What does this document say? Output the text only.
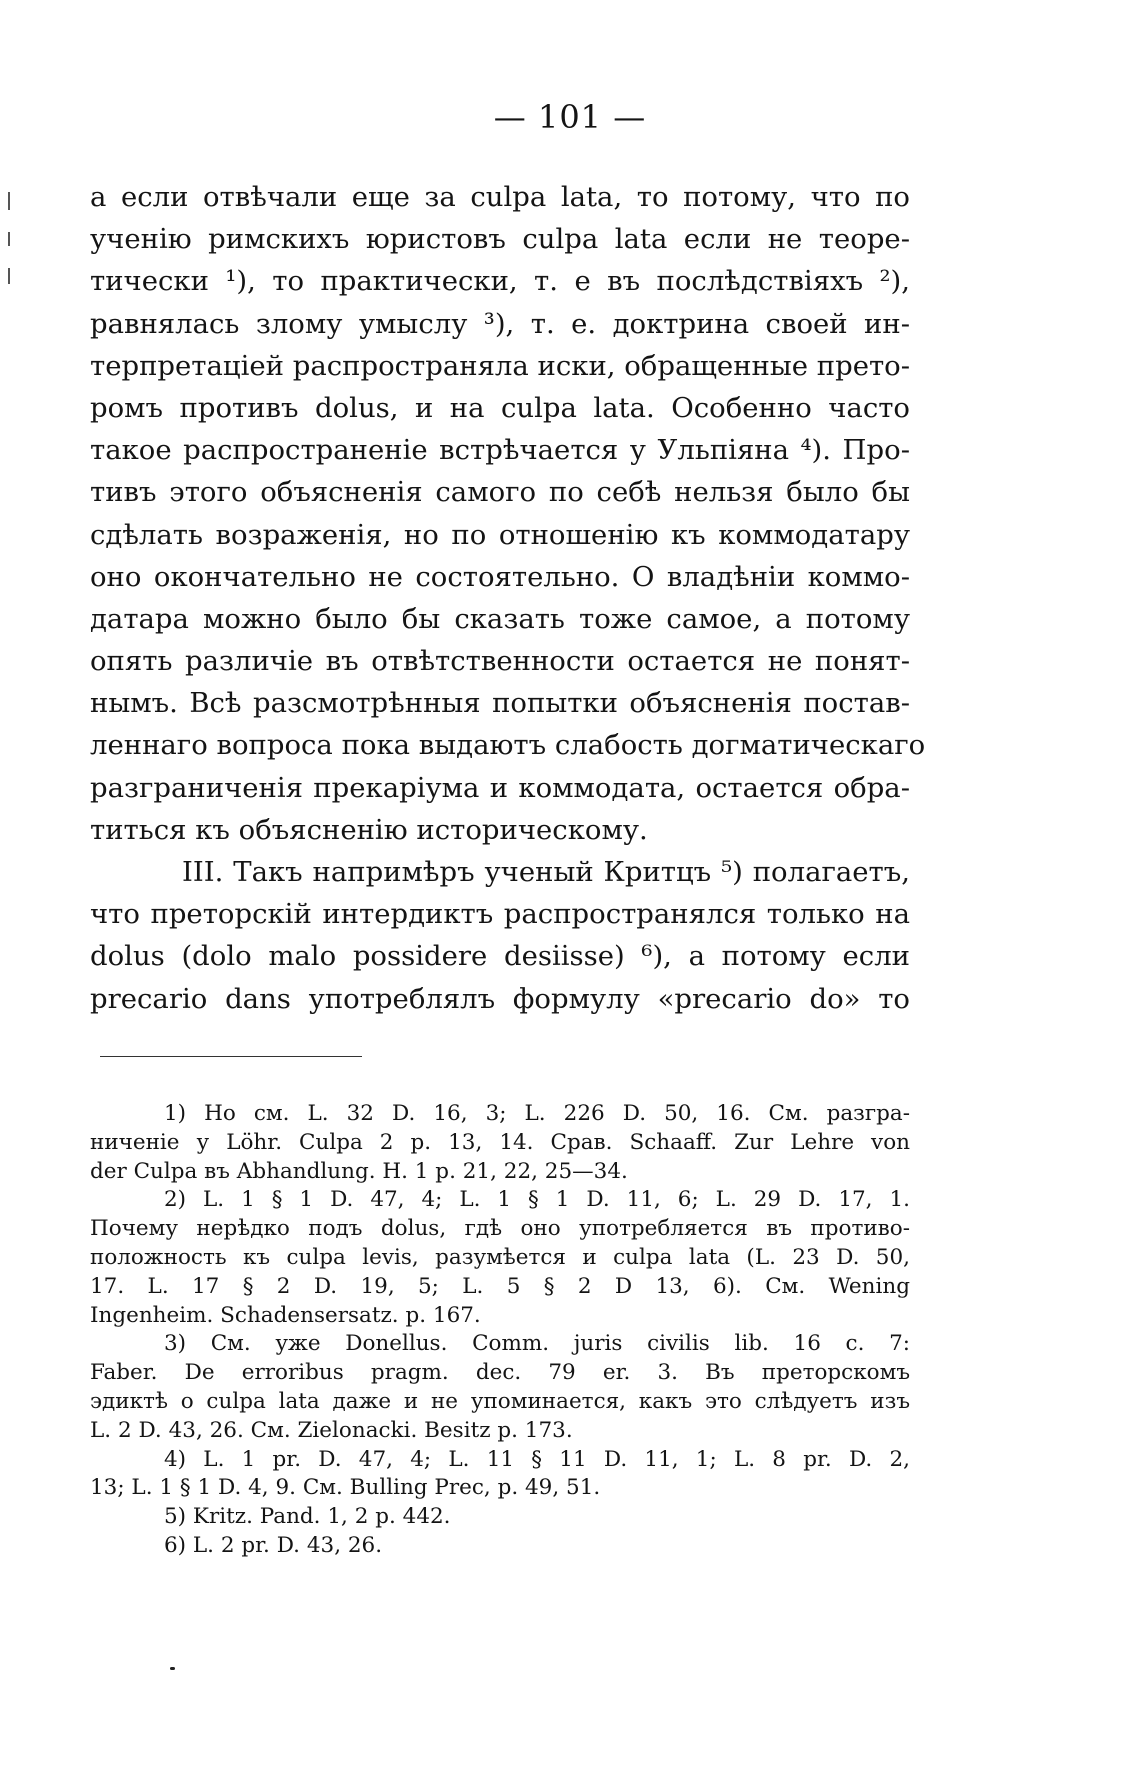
— 101 —
а если отвѣчали еще за culpa lata, то потому, что по
ученію римскихъ юристовъ culpa lata если не теоре-
тически ¹), то практически, т. е въ послѣдствіяхъ ²),
равнялась злому умыслу ³), т. е. доктрина своей ин-
терпретаціей распространяла иски, обращенные прето-
ромъ противъ dolus, и на culpa lata. Особенно часто
такое распространеніе встрѣчается у Ульпіяна ⁴). Про-
тивъ этого объясненія самого по себѣ нельзя было бы
сдѣлать возраженія, но по отношенію къ коммодатару
оно окончательно не состоятельно. О владѣніи коммо-
датара можно было бы сказать тоже самое, а потому
опять различіе въ отвѣтственности остается не понят-
нымъ. Всѣ разсмотрѣнныя попытки объясненія постав-
леннаго вопроса пока выдаютъ слабость догматическаго
разграниченія прекаріума и коммодата, остается обра-
титься къ объясненію историческому.
III. Такъ напримѣръ ученый Критцъ ⁵) полагаетъ,
что преторскій интердиктъ распространялся только на
dolus (dolo malo possidere desiisse) ⁶), а потому если
precario dans употреблялъ формулу «precario do» то
1) Но см. L. 32 D. 16, 3; L. 226 D. 50, 16. См. разгра-
ниченіе у Löhr. Culpa 2 p. 13, 14. Срав. Schaaff. Zur Lehre von
der Culpa въ Abhandlung. H. 1 p. 21, 22, 25—34.
2) L. 1 § 1 D. 47, 4; L. 1 § 1 D. 11, 6; L. 29 D. 17, 1.
Почему нерѣдко подъ dolus, гдѣ оно употребляется въ противо-
положность къ culpa levis, разумѣется и culpa lata (L. 23 D. 50,
17. L. 17 § 2 D. 19, 5; L. 5 § 2 D 13, 6). См. Wening
Ingenheim. Schadensersatz. p. 167.
3) См. уже Donellus. Comm. juris civilis lib. 16 c. 7:
Faber. De erroribus pragm. dec. 79 er. 3. Въ преторскомъ
эдиктѣ о culpa lata даже и не упоминается, какъ это слѣдуетъ изъ
L. 2 D. 43, 26. См. Zielonacki. Besitz p. 173.
4) L. 1 pr. D. 47, 4; L. 11 § 11 D. 11, 1; L. 8 pr. D. 2,
13; L. 1 § 1 D. 4, 9. См. Bulling Prec, p. 49, 51.
5) Kritz. Pand. 1, 2 p. 442.
6) L. 2 pr. D. 43, 26.
